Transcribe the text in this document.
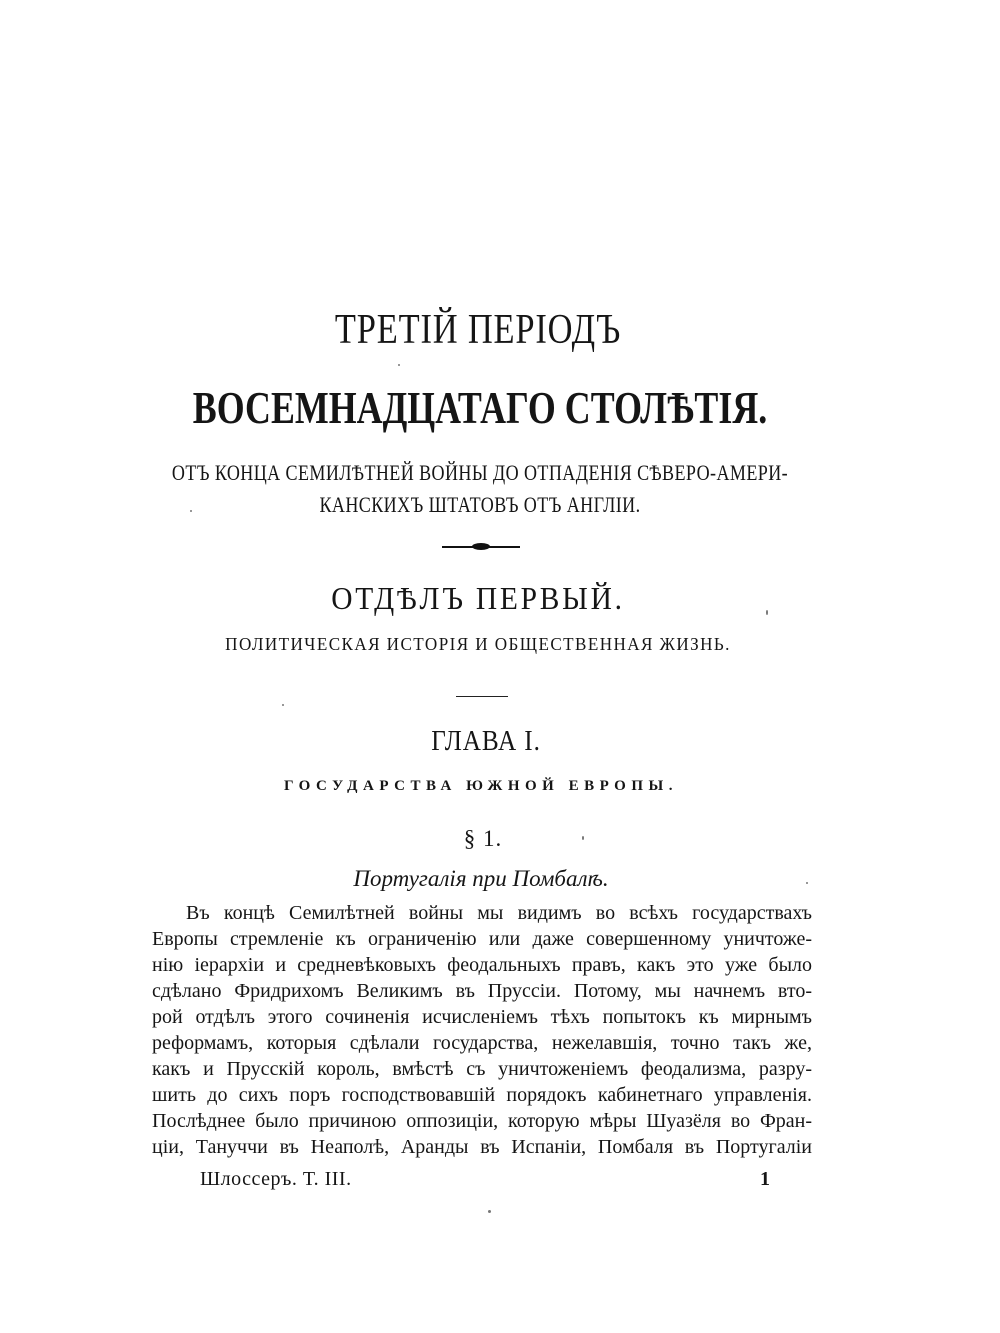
ТРЕТІЙ ПЕРІОДЪ
ВОСЕМНАДЦАТАГО СТОЛѢТІЯ.
ОТЪ КОНЦА СЕМИЛѢТНЕЙ ВОЙНЫ ДО ОТПАДЕНІЯ СѢВЕРО-АМЕРИ-
КАНСКИХЪ ШТАТОВЪ ОТЪ АНГЛІИ.
ОТДѢЛЪ ПЕРВЫЙ.
ПОЛИТИЧЕСКАЯ ИСТОРІЯ И ОБЩЕСТВЕННАЯ ЖИЗНЬ.
ГЛАВА I.
ГОСУДАРСТВА ЮЖНОЙ ЕВРОПЫ.
§ 1.
Португалія при Помбалѣ.
Въ концѣ Семилѣтней войны мы видимъ во всѣхъ государствахъ
Европы стремленіе къ ограниченію или даже совершенному уничтоже-
нію іерархіи и средневѣковыхъ феодальныхъ правъ, какъ это уже было
сдѣлано Фридрихомъ Великимъ въ Пруссіи. Потому, мы начнемъ вто-
рой отдѣлъ этого сочиненія исчисленіемъ тѣхъ попытокъ къ мирнымъ
реформамъ, которыя сдѣлали государства, нежелавшія, точно такъ же,
какъ и Прусскій король, вмѣстѣ съ уничтоженіемъ феодализма, разру-
шить до сихъ поръ господствовавшій порядокъ кабинетнаго управленія.
Послѣднее было причиною оппозиціи, которую мѣры Шуазёля во Фран-
ціи, Тануччи въ Неаполѣ, Аранды въ Испаніи, Помбаля въ Португаліи
Шлоссеръ. Т. III.	1
